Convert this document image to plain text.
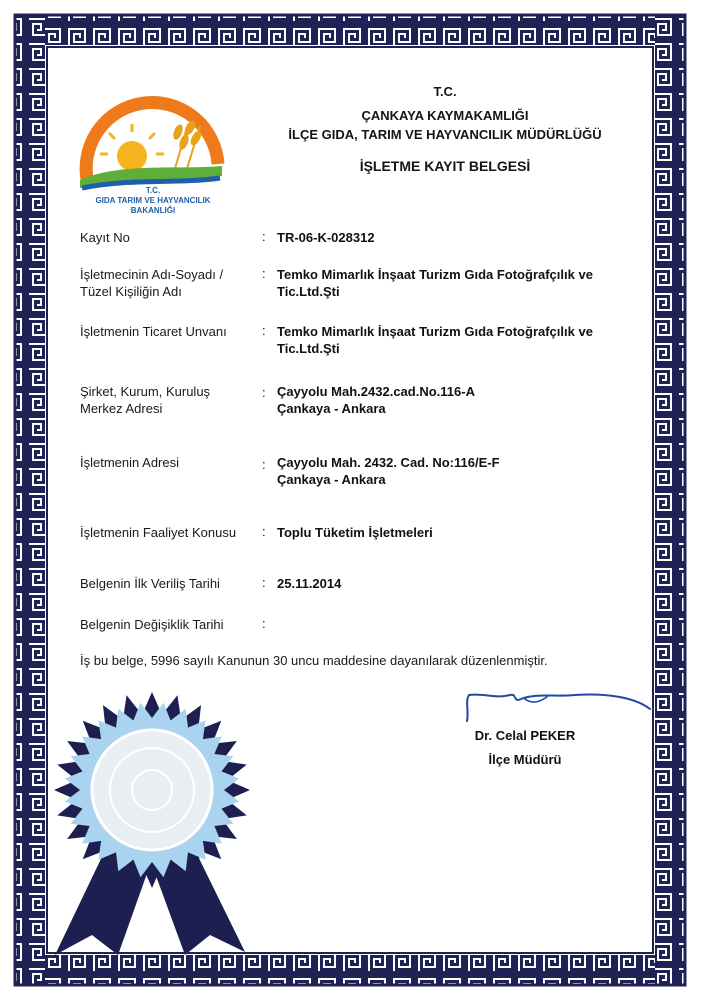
T.C.
GIDA TARIM VE HAYVANCILIK
BAKANLIĞI
T.C.
ÇANKAYA KAYMAKAMLIĞI
İLÇE GIDA, TARIM VE HAYVANCILIK MÜDÜRLÜĞÜ
İŞLETME KAYIT BELGESİ
Kayıt No	: TR-06-K-028312
İşletmecinin Adı-Soyadı /
Tüzel Kişiliğin Adı
: Temko Mimarlık İnşaat Turizm Gıda Fotoğrafçılık ve
Tic.Ltd.Şti
İşletmenin Ticaret Unvanı	: Temko Mimarlık İnşaat Turizm Gıda Fotoğrafçılık ve
Tic.Ltd.Şti
Şirket, Kurum, Kuruluş
Merkez Adresi
: Çayyolu Mah.2432.cad.No.116-A
Çankaya - Ankara
İşletmenin Adresi	: Çayyolu Mah. 2432. Cad. No:116/E-F
Çankaya - Ankara
İşletmenin Faaliyet Konusu	: Toplu Tüketim İşletmeleri
Belgenin İlk Veriliş Tarihi	: 25.11.2014
Belgenin Değişiklik Tarihi	:
İş bu belge, 5996 sayılı Kanunun 30 uncu maddesine dayanılarak düzenlenmiştir.
Dr. Celal PEKER
İlçe Müdürü
